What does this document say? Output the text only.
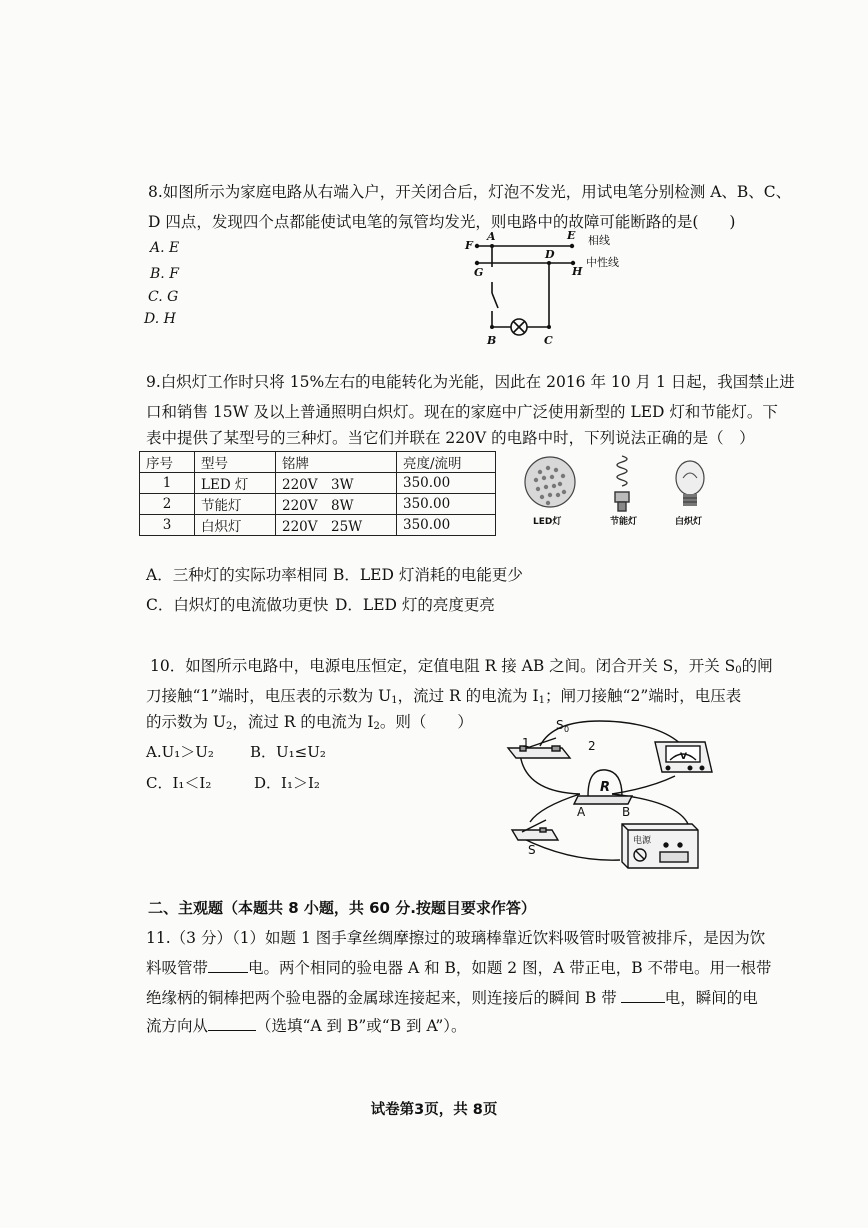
8.如图所示为家庭电路从右端入户，开关闭合后，灯泡不发光，用试电笔分别检测 A、B、C、
D 四点，发现四个点都能使试电笔的氖管均发光，则电路中的故障可能断路的是(　　)
A. E
B. F
C. G
D. H
A	E
F
D
G	H
B	C
相线
中性线
9.白炽灯工作时只将 15%左右的电能转化为光能，因此在 2016 年 10 月 1 日起，我国禁止进
口和销售 15W 及以上普通照明白炽灯。现在的家庭中广泛使用新型的 LED 灯和节能灯。下
表中提供了某型号的三种灯。当它们并联在 220V 的电路中时，下列说法正确的是（　）
序号	型号	铭牌	亮度/流明
1	LED 灯	220V　3W	350.00
2	节能灯	220V　8W	350.00
3	白炽灯	220V　25W	350.00	LED灯	节能灯	白炽灯
A．三种灯的实际功率相同 B．LED 灯消耗的电能更少
C．白炽灯的电流做功更快 D．LED 灯的亮度更亮
10．如图所示电路中，电源电压恒定，定值电阻 R 接 AB 之间。闭合开关 S，开关 $S_0$的闸
刀接触“1”端时，电压表的示数为 $U_1$，流过 R 的电流为 $I_1$；闸刀接触“2”端时，电压表
的示数为 $U_2$，流过 R 的电流为 $I_2$。则（　　）
A.U₁＞U₂ B．U₁≤U₂
C．I₁＜I₂	D．I₁＞I₂
1	2
S 0
R
A	B
S
电源
V
二、主观题（本题共 8 小题，共 60 分.按题目要求作答）
11.（3 分）（1）如题 1 图手拿丝绸摩擦过的玻璃棒靠近饮料吸管时吸管被排斥，是因为饮
料吸管带	电。两个相同的验电器 A 和 B，如题 2 图，A 带正电，B 不带电。用一根带
绝缘柄的铜棒把两个验电器的金属球连接起来，则连接后的瞬间 B 带	电，瞬间的电
流方向从	（选填“A 到 B”或“B 到 A”）。
试卷第3页，共 8页
